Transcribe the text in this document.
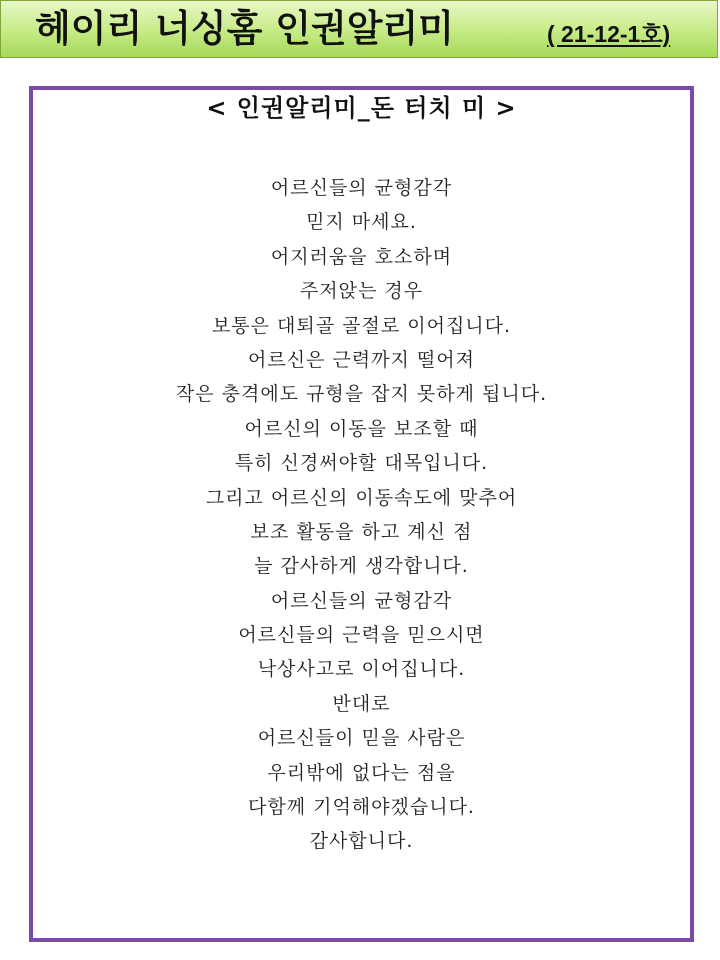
헤이리 너싱홈 인권알리미	( 21-12-1호)
< 인권알리미_돈 터치 미 >
어르신들의 균형감각
믿지 마세요.
어지러움을 호소하며
주저앉는 경우
보통은 대퇴골 골절로 이어집니다.
어르신은 근력까지 떨어져
작은 충격에도 규형을 잡지 못하게 됩니다.
어르신의 이동을 보조할 때
특히 신경써야할 대목입니다.
그리고 어르신의 이동속도에 맞추어
보조 활동을 하고 계신 점
늘 감사하게 생각합니다.
어르신들의 균형감각
어르신들의 근력을 믿으시면
낙상사고로 이어집니다.
반대로
어르신들이 믿을 사람은
우리밖에 없다는 점을
다함께 기억해야겠습니다.
감사합니다.
